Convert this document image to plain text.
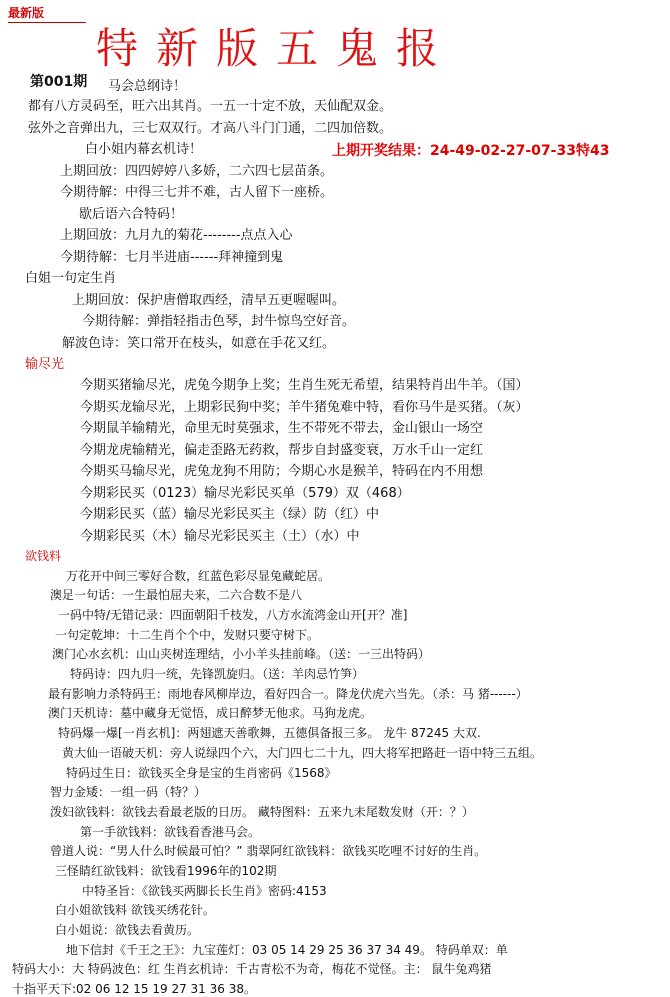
最新版
特新版五鬼报
第001期 马会总纲诗！
都有八方灵码至，旺六出其肖。一五一十定不放，天仙配双金。
弦外之音弹出九，三七双双行。才高八斗门门通，二四加倍数。
白小姐内幕玄机诗！	上期开奖结果：24-49-02-27-07-33特43
上期回放：四四婷婷八多娇，二六四七层苗条。
今期待解：中得三七并不难，古人留下一座桥。
歇后语六合特码！
上期回放：九月九的菊花--------点点入心
今期待解：七月半进庙------拜神撞到鬼
白姐一句定生肖
上期回放：保护唐僧取西经，清早五更喔喔叫。
今期待解：弹指轻指击色琴，封牛惊鸟空好音。
解波色诗：笑口常开在枝头，如意在手花又红。
输尽光
今期买猪输尽光，虎兔今期争上奖；生肖生死无希望，结果特肖出牛羊。（国）
今期买龙输尽光，上期彩民狗中奖；羊牛猪兔难中特，看你马牛是买猪。（灰）
今期鼠羊输精光，命里无时莫强求，生不带死不带去，金山银山一场空
今期龙虎输精光，偏走歪路无药救，帮步自封盛变衰，万水千山一定红
今期买马输尽光，虎兔龙狗不用防；今期心水是猴羊，特码在内不用想
今期彩民买（0123）输尽光彩民买单（579）双（468）
今期彩民买（蓝）输尽光彩民买主（绿）防（红）中
今期彩民买（木）输尽光彩民买主（土）（水）中
欲钱料
万花开中间三零好合数，红蓝色彩尽显兔藏蛇居。
澳足一句话：一生最怕屈夫来，二六合数不是八
一码中特/无错记录：四面朝阳千枝发，八方水流湾金山开[开？准]
一句定乾坤：十二生肖个个中，发财只要守树下。
澳门心水玄机：山山夹树连理结，小小羊头挂前峰。（送：一三出特码）
特码诗：四九归一统，先锋凯旋归。（送：羊肉忌竹笋）
最有影响力杀特码王：雨地春风柳岸边，看好四合一。降龙伏虎六当先。（杀：马 猪------）
澳门天机诗：墓中藏身无觉悟，成日醉梦无他求。马狗龙虎。
特码爆一爆[一肖玄机]：两翅遮天善歌舞，五德俱备报三多。 龙牛 87245 大双.
黄大仙一语破天机：旁人说绿四个六，大门四七二十九，四大将军把路赶一语中特三五组。
特码过生日：欲钱买全身是宝的生肖密码《1568》
智力金矮：一组一码（特？）
泼妇欲钱料：欲钱去看最老版的日历。 藏特图料：五来九未尾数发财（开：？）
第一手欲钱料：欲钱看香港马会。
曾道人说：“男人什么时候最可怕？” 翡翠阿红欲钱料：欲钱买吃哩不讨好的生肖。
三怪睛红欲钱料：欲钱看1996年的102期
中特圣旨：《欲钱买两脚长长生肖》密码:4153
白小姐欲钱料 欲钱买绣花针。
白小姐说：欲钱去看黄历。
地下信封《千王之王》：九宝莲灯：03 05 14 29 25 36 37 34 49。 特码单双：单
特码大小：大 特码波色：红 生肖玄机诗：千古青松不为奇，梅花不觉怪。主： 鼠牛兔鸡猪
十指平天下:02 06 12 15 19 27 31 36 38。
